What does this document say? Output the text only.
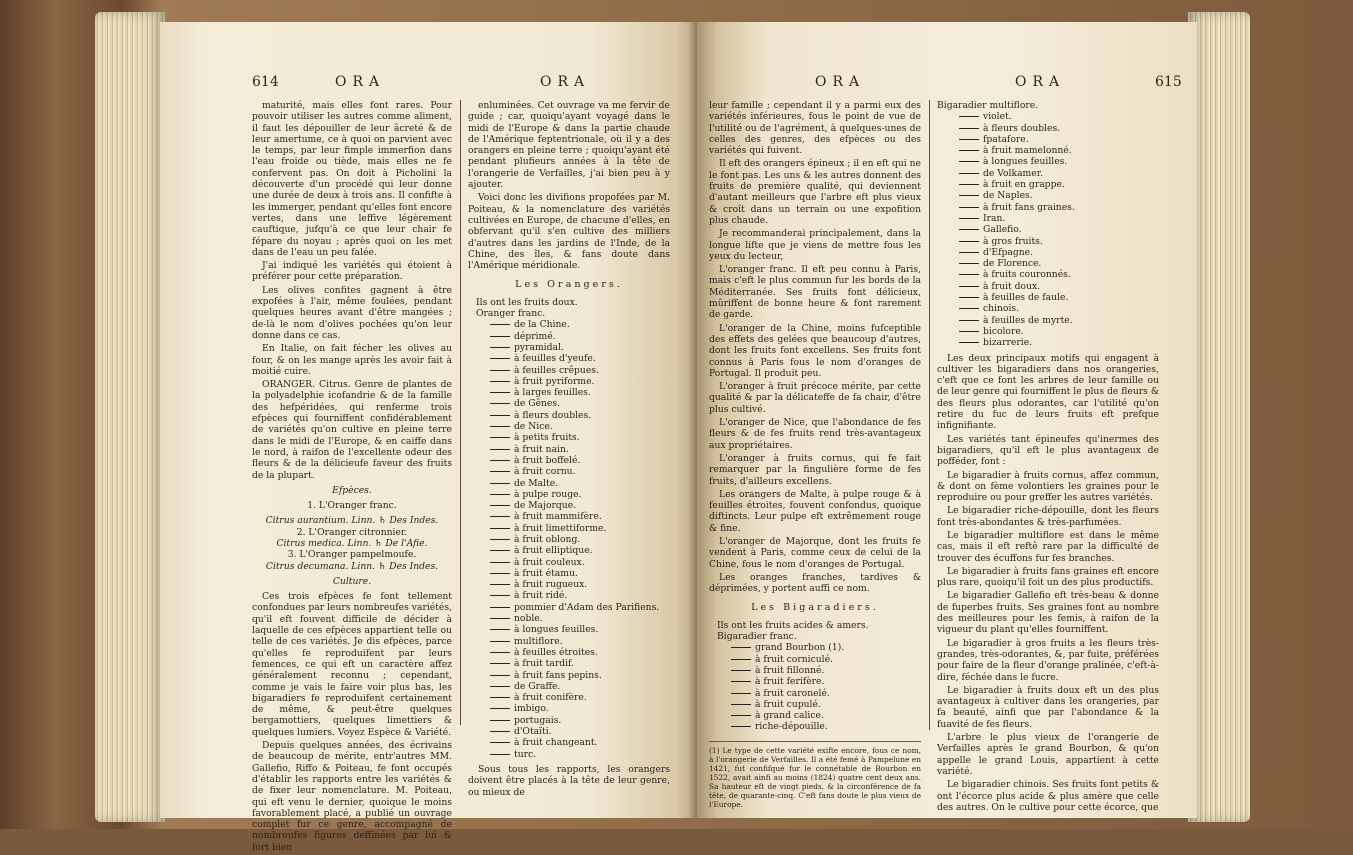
614	ORA	ORA

maturité, mais elles font rares. Pour pouvoir utiliser les autres comme aliment, il faut les dépouiller de leur âcreté & de leur amertume, ce à quoi on parvient avec le temps, par leur fimple immerfion dans l'eau froide ou tiède, mais elles ne fe confervent pas. On doit à Picholini la découverte d'un procédé qui leur donne une durée de deux à trois ans. Il confifte à les immerger, pendant qu'elles font encore vertes, dans une leffive légèrement cauftique, jufqu'à ce que leur chair fe fépare du noyau ; après quoi on les met dans de l'eau un peu falée.

J'ai indiqué les variétés qui étoient à préférer pour cette préparation.

Les olives confites gagnent à être expofées à l'air, même foulées, pendant quelques heures avant d'être mangées ; de-là le nom d'olives pochées qu'on leur donne dans ce cas.

En Italie, on fait fécher les olives au four, & on les mange après les avoir fait à moitié cuire.

ORANGER. Citrus. Genre de plantes de la polyadelphie icofandrie & de la famille des hefpéridées, qui renferme trois efpèces qui fourniffent confidérablement de variétés qu'on cultive en pleine terre dans le midi de l'Europe, & en caiffe dans le nord, à raifon de l'excellente odeur des fleurs & de la délicieufe faveur des fruits de la plupart.

Efpèces.

1. L'Oranger franc.

Citrus aurantium. Linn. ♄ Des Indes.

2. L'Oranger citronnier.

Citrus medica. Linn. ♄ De l'Afie.

3. L'Oranger pampelmoufe.

Citrus decumana. Linn. ♄ Des Indes.

Culture.

Ces trois efpèces fe font tellement confondues par leurs nombreufes variétés, qu'il eft fouvent difficile de décider à laquelle de ces efpèces appartient telle ou telle de ces variétés. Je dis efpèces, parce qu'elles fe reproduifent par leurs femences, ce qui eft un caractère affez généralement reconnu ; cependant, comme je vais le faire voir plus bas, les bigaradiers fe reproduifent certainement de même, & peut-être quelques bergamottiers, quelques limettiers & quelques lumiers. Voyez Espèce & Variété.

Depuis quelques années, des écrivains de beaucoup de mérite, entr'autres MM. Gallefio, Riffo & Poiteau, fe font occupés d'établir les rapports entre les variétés & de fixer leur nomenclature. M. Poiteau, qui eft venu le dernier, quoique le moins favorablement placé, a publié un ouvrage complet fur ce genre, accompagné de nombreufes figures deffinées par lui & fort bien

enluminées. Cet ouvrage va me fervir de guide ; car, quoiqu'ayant voyagé dans le midi de l'Europe & dans la partie chaude de l'Amérique feptentrionale, où il y a des orangers en pleine terre ; quoiqu'ayant été pendant plufieurs années à la tête de l'orangerie de Verfailles, j'ai bien peu à y ajouter.

Voici donc les divifions propofées par M. Poiteau, & la nomenclature des variétés cultivées en Europe, de chacune d'elles, en obfervant qu'il s'en cultive des milliers d'autres dans les jardins de l'Inde, de la Chine, des îles, & fans doute dans l'Amérique méridionale.

Les Orangers.

Ils ont les fruits doux.

Oranger franc.

de la Chine.
déprimé.
pyramidal.
à feuilles d'yeufe.
à feuilles crêpues.
à fruit pyriforme.
à larges feuilles.
de Gênes.
à fleurs doubles.
de Nice.
à petits fruits.
à fruit nain.
à fruit boffelé.
à fruit cornu.
de Malte.
à pulpe rouge.
de Majorque.
à fruit mammifère.
à fruit limettiforme.
à fruit oblong.
à fruit elliptique.
à fruit couleux.
à fruit étamu.
à fruit rugueux.
à fruit ridé.
pommier d'Adam des Parifiens.
noble.
à longues feuilles.
multiflore.
à feuilles étroites.
à fruit tardif.
à fruit fans pepins.
de Graffe.
à fruit conifère.
imbigo.
portugais.
d'Otaïti.
à fruit changeant.
turc.

Sous tous les rapports, les orangers doivent être placés à la tête de leur genre, ou mieux de

ORA	ORA	615

leur famille ; cependant il y a parmi eux des variétés inférieures, fous le point de vue de l'utilité ou de l'agrément, à quelques-unes de celles des genres, des efpèces ou des variétés qui fuivent.

Il eft des orangers épineux ; il en eft qui ne le font pas. Les uns & les autres donnent des fruits de première qualité, qui deviennent d'autant meilleurs que l'arbre eft plus vieux & croît dans un terrain ou une expofition plus chaude.

Je recommanderai principalement, dans la longue lifte que je viens de mettre fous les yeux du lecteur,

L'oranger franc. Il eft peu connu à Paris, mais c'eft le plus commun fur les bords de la Méditerranée. Ses fruits font délicieux, mûriffent de bonne heure & font rarement de garde.

L'oranger de la Chine, moins fufceptible des effets des gelées que beaucoup d'autres, dont les fruits font excellens. Ses fruits font connus à Paris fous le nom d'oranges de Portugal. Il produit peu.

L'oranger à fruit précoce mérite, par cette qualité & par la délicateffe de fa chair, d'être plus cultivé.

L'oranger de Nice, que l'abondance de fes fleurs & de fes fruits rend très-avantageux aux propriétaires.

L'oranger à fruits cornus, qui fe fait remarquer par la fingulière forme de fes fruits, d'ailleurs excellens.

Les orangers de Malte, à pulpe rouge & à feuilles étroites, fouvent confondus, quoique diftincts. Leur pulpe eft extrêmement rouge & fine.

L'oranger de Majorque, dont les fruits fe vendent à Paris, comme ceux de celui de la Chine, fous le nom d'oranges de Portugal.

Les oranges franches, tardives & déprimées, y portent auffi ce nom.

Les Bigaradiers.

Ils ont les fruits acides & amers.

Bigaradier franc.

grand Bourbon (1).
à fruit corniculé.
à fruit fillonné.
à fruit ferifère.
à fruit caronelé.
à fruit cupulé.
à grand calice.
riche-dépouille.

(1) Le type de cette variété exifte encore, fous ce nom, à l'orangerie de Verfailles. Il a été femé à Pampelune en 1421, fut confifqué fur le connétable de Bourbon en 1522, avait ainfi au moins (1824) quatre cent deux ans. Sa hauteur eft de vingt pieds, & la circonférence de fa tête, de quarante-cinq. C'eft fans doute le plus vieux de l'Europe.

Bigaradier multiflore.

violet.
à fleurs doubles.
fpatafore.
à fruit mamelonné.
à longues feuilles.
de Volkamer.
à fruit en grappe.
de Naples.
à fruit fans graines.
Iran.
Gallefio.
à gros fruits.
d'Efpagne.
de Florence.
à fruits couronnés.
à fruit doux.
à feuilles de faule.
chinois.
à feuilles de myrte.
bicolore.
bizarrerie.

Les deux principaux motifs qui engagent à cultiver les bigaradiers dans nos orangeries, c'eft que ce font les arbres de leur famille ou de leur genre qui fourniffent le plus de fleurs & des fleurs plus odorantes, car l'utilité qu'on retire du fuc de leurs fruits eft prefque infignifiante.

Les variétés tant épineufes qu'inermes des bigaradiers, qu'il eft le plus avantageux de pofféder, font :

Le bigaradier à fruits cornus, affez commun, & dont on fème volontiers les graines pour le reproduire ou pour greffer les autres variétés.

Le bigaradier riche-dépouille, dont les fleurs font très-abondantes & très-parfumées.

Le bigaradier multiflore est dans le même cas, mais il eft reftê rare par la difficulté de trouver des écuffons fur fes branches.

Le bigaradier à fruits fans graines eft encore plus rare, quoiqu'il foit un des plus productifs.

Le bigaradier Gallefio eft très-beau & donne de fuperbes fruits. Ses graines font au nombre des meilleures pour les femis, à raifon de la vigueur du plant qu'elles fourniffent.

Le bigaradier à gros fruits a les fleurs très-grandes, très-odorantes, &, par fuite, préférées pour faire de la fleur d'orange pralinée, c'eft-à-dire, féchée dans le fucre.

Le bigaradier à fruits doux eft un des plus avantageux à cultiver dans les orangeries, par fa beauté, ainfi que par l'abondance & la fuavité de fes fleurs.

L'arbre le plus vieux de l'orangerie de Verfailles après le grand Bourbon, & qu'on appelle le grand Louis, appartient à cette variété.

Le bigaradier chinois. Ses fruits font petits & ont l'écorce plus acide & plus amère que celle des autres. On le cultive pour cette écorce, que
